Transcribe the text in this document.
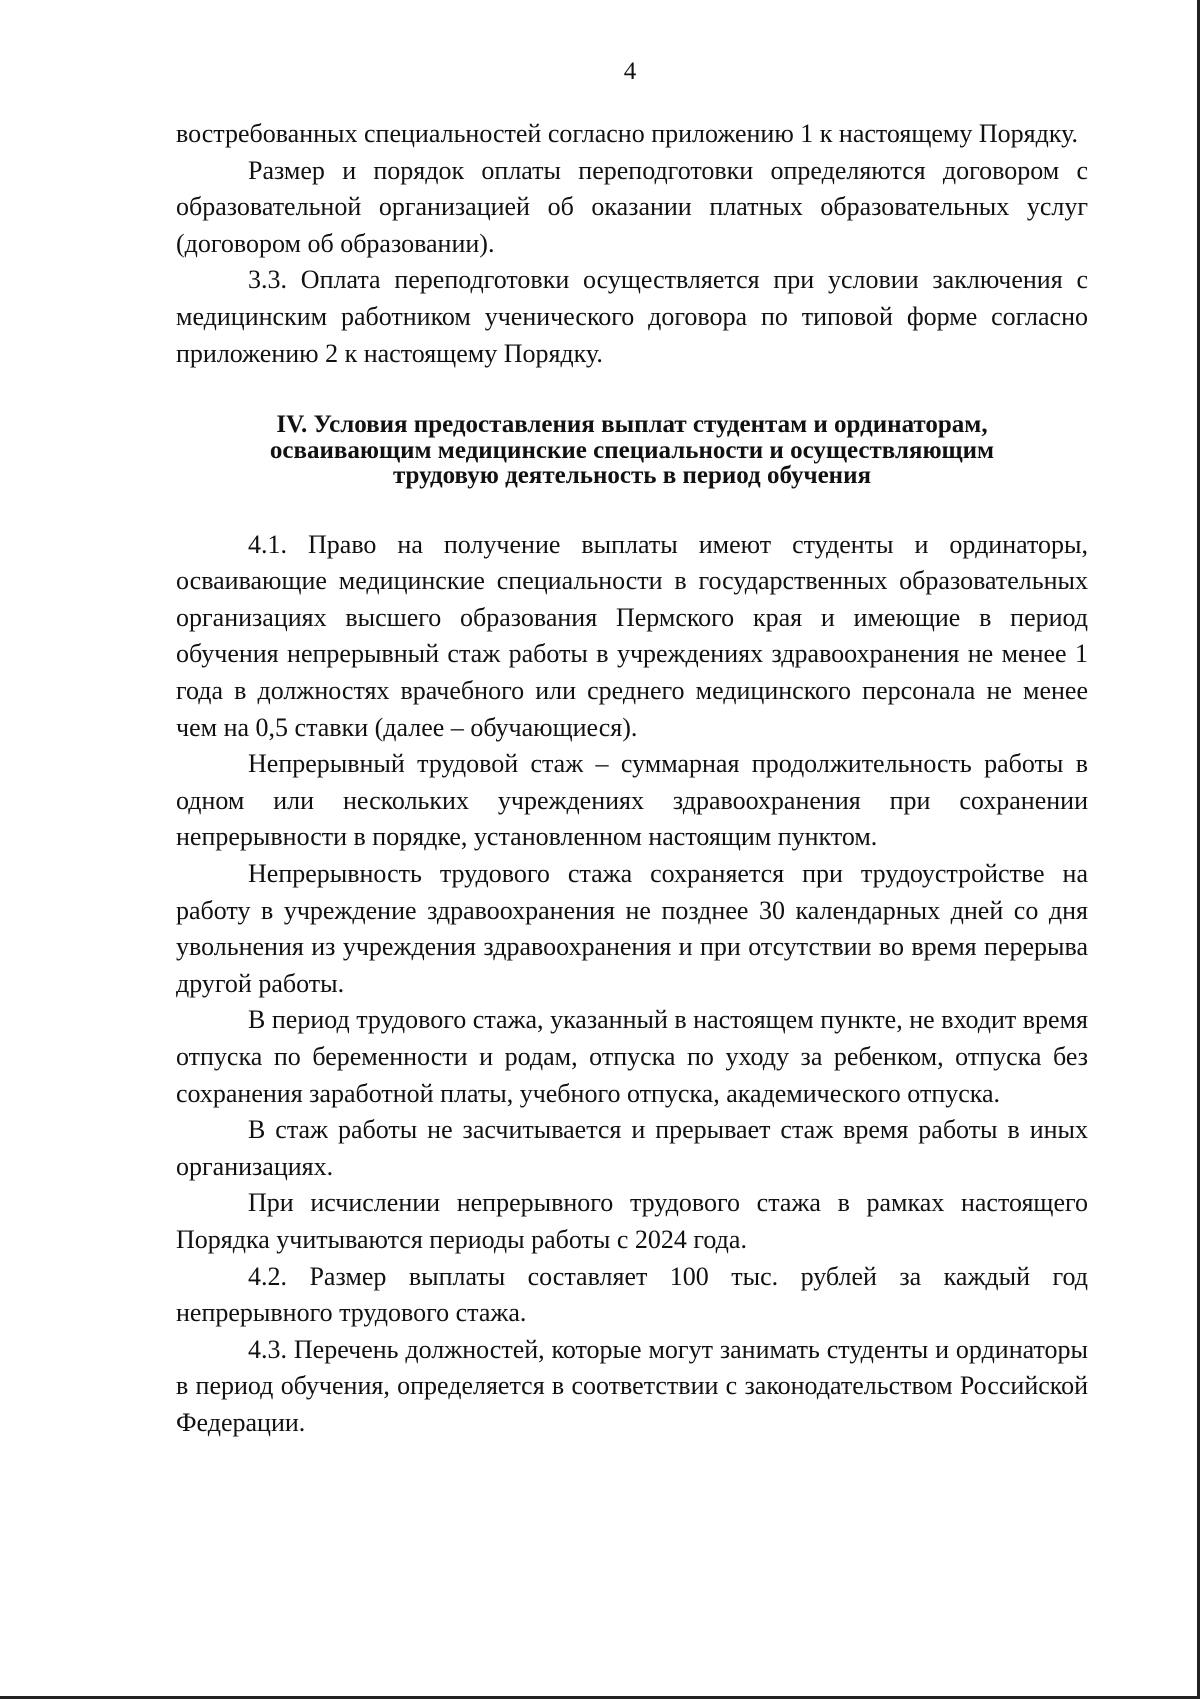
4

востребованных специальностей согласно приложению 1 к настоящему Порядку.

Размер и порядок оплаты переподготовки определяются договором с образовательной организацией об оказании платных образовательных услуг (договором об образовании).

3.3. Оплата переподготовки осуществляется при условии заключения с медицинским работником ученического договора по типовой форме согласно приложению 2 к настоящему Порядку.

IV. Условия предоставления выплат студентам и ординаторам,
осваивающим медицинские специальности и осуществляющим
трудовую деятельность в период обучения

4.1. Право на получение выплаты имеют студенты и ординаторы, осваивающие медицинские специальности в государственных образовательных организациях высшего образования Пермского края и имеющие в период обучения непрерывный стаж работы в учреждениях здравоохранения не менее 1 года в должностях врачебного или среднего медицинского персонала не менее чем на 0,5 ставки (далее – обучающиеся).

Непрерывный трудовой стаж – суммарная продолжительность работы в одном или нескольких учреждениях здравоохранения при сохранении непрерывности в порядке, установленном настоящим пунктом.

Непрерывность трудового стажа сохраняется при трудоустройстве на работу в учреждение здравоохранения не позднее 30 календарных дней со дня увольнения из учреждения здравоохранения и при отсутствии во время перерыва другой работы.

В период трудового стажа, указанный в настоящем пункте, не входит время отпуска по беременности и родам, отпуска по уходу за ребенком, отпуска без сохранения заработной платы, учебного отпуска, академического отпуска.

В стаж работы не засчитывается и прерывает стаж время работы в иных организациях.

При исчислении непрерывного трудового стажа в рамках настоящего Порядка учитываются периоды работы с 2024 года.

4.2. Размер выплаты составляет 100 тыс. рублей за каждый год непрерывного трудового стажа.

4.3. Перечень должностей, которые могут занимать студенты и ординаторы в период обучения, определяется в соответствии с законодательством Российской Федерации.
